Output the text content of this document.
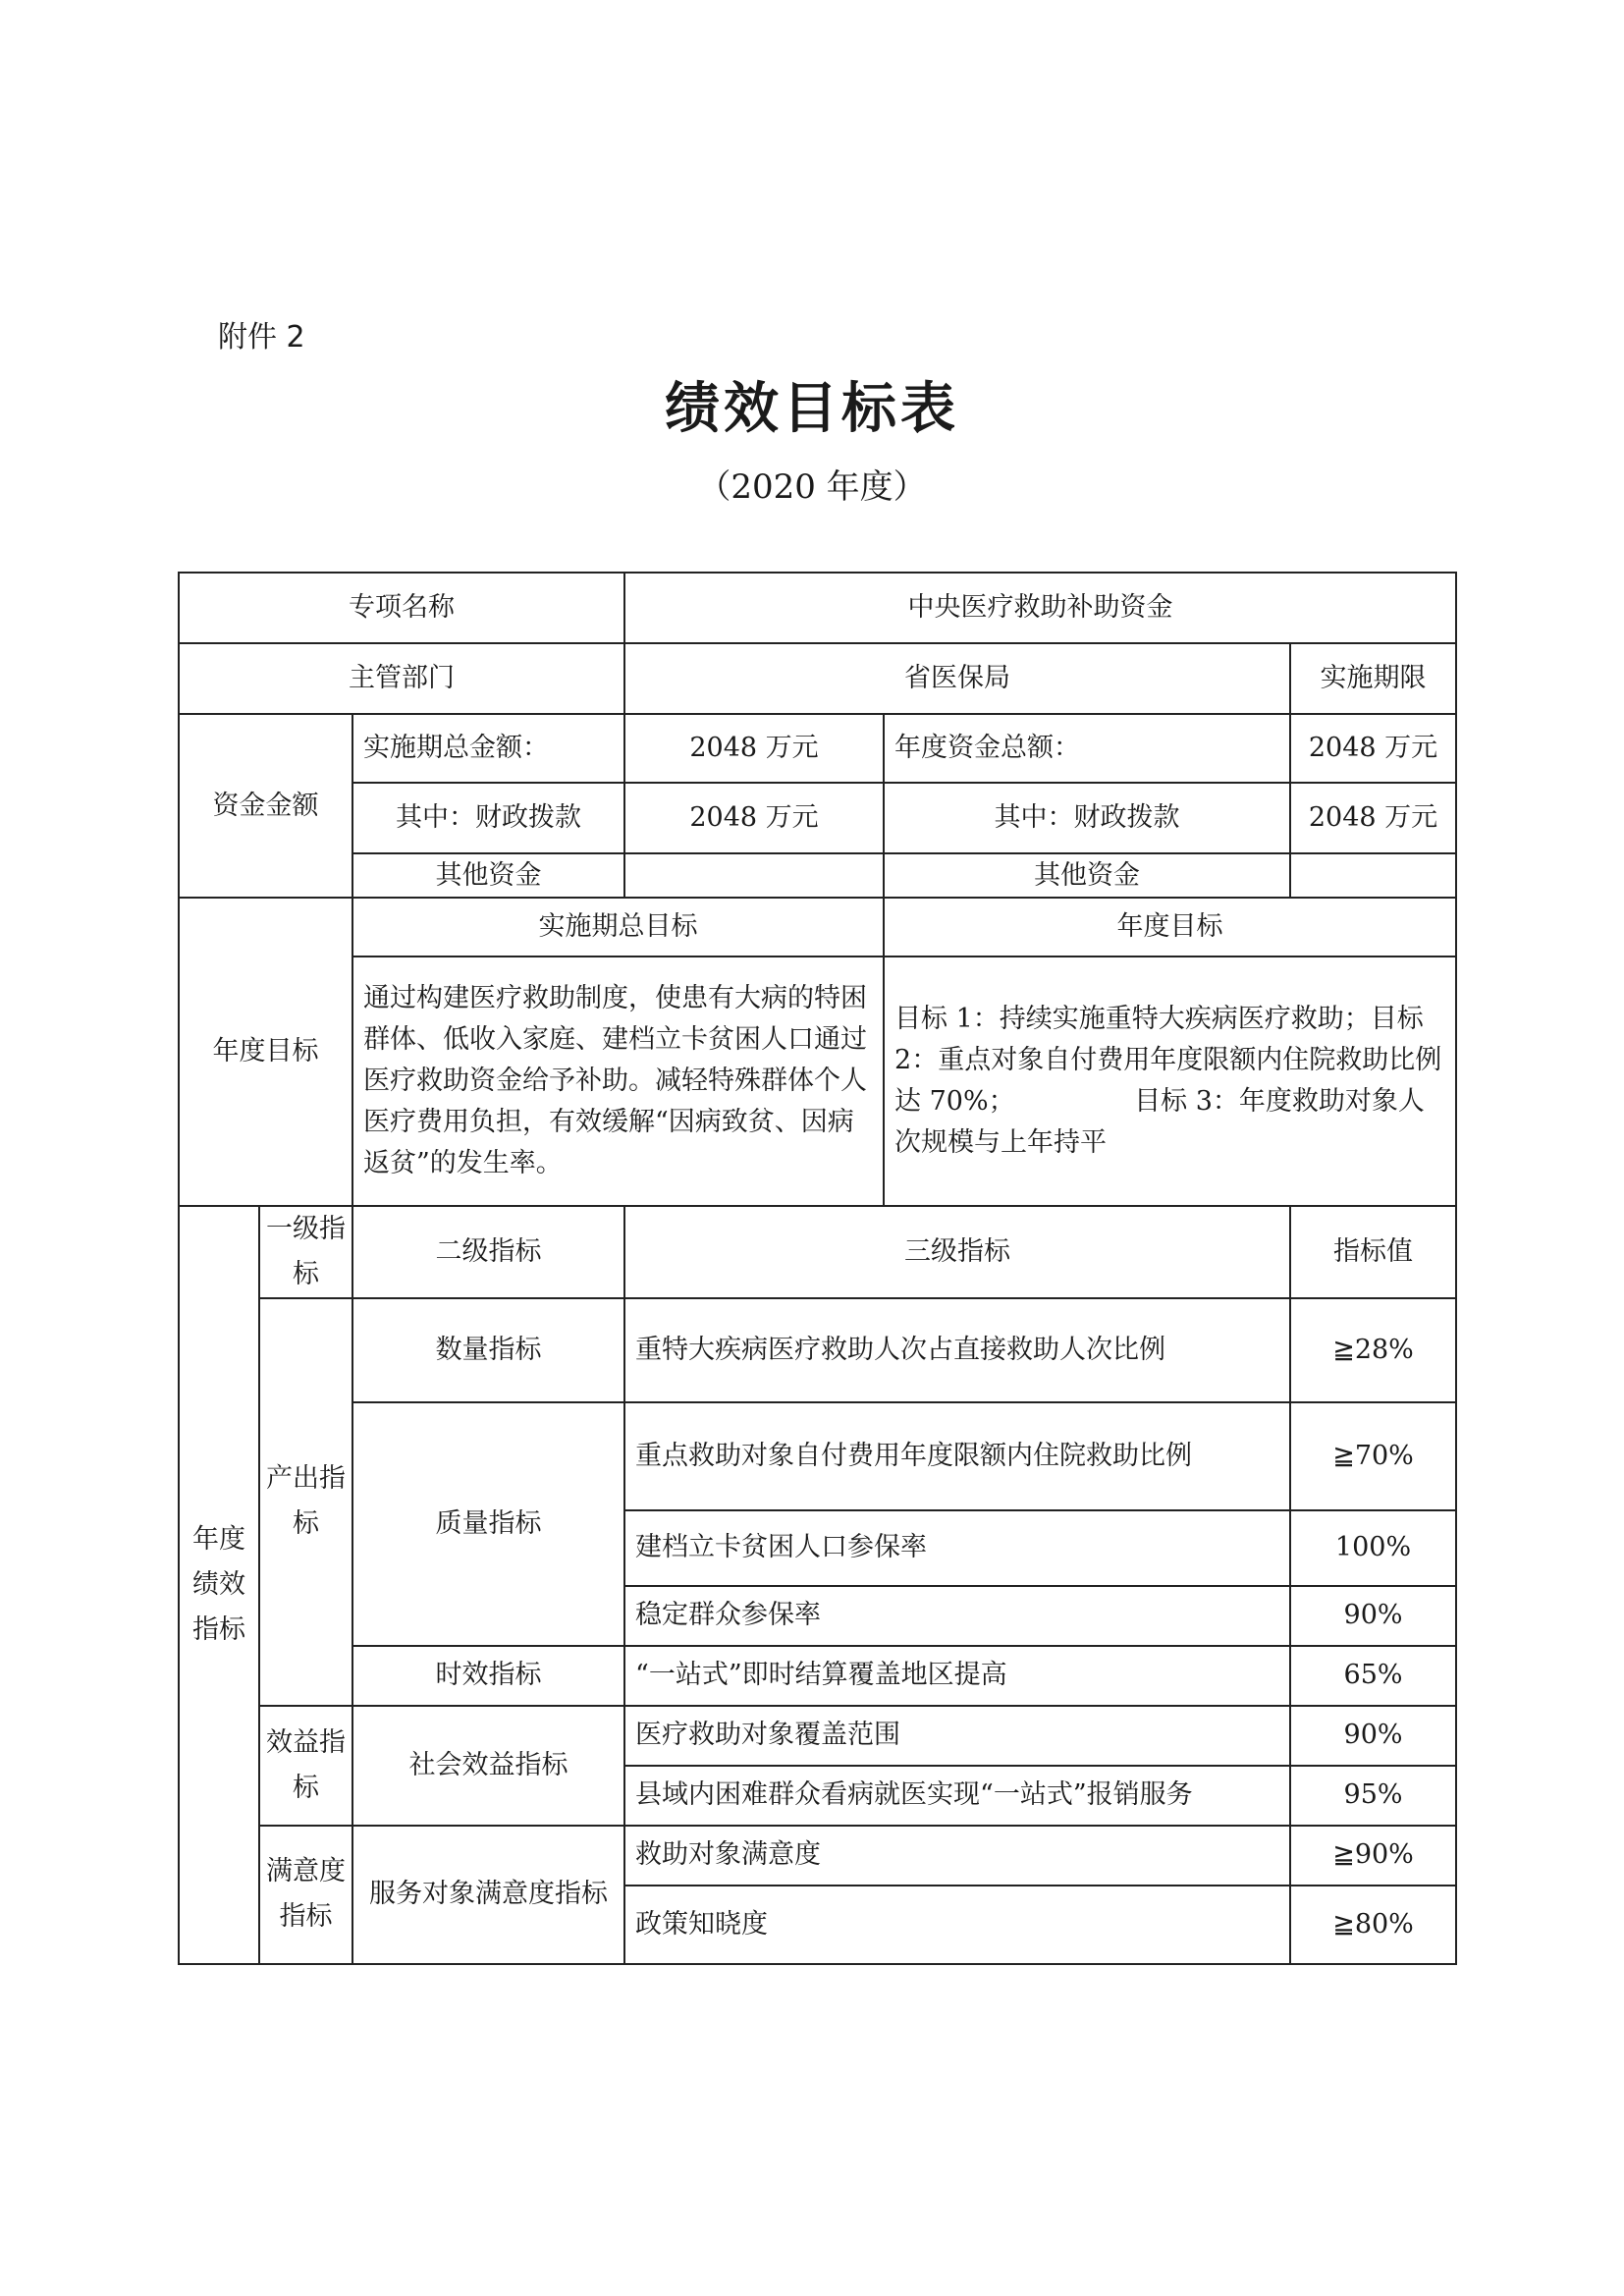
附件 2
绩效目标表
（2020 年度）
专项名称			中央医疗救助补助资金			
主管部门			省医保局		实施期限	
资金金额		实施期总金额：	2048 万元	年度资金总额：	2048 万元	
		其中：财政拨款	2048 万元	其中：财政拨款	2048 万元	
		其他资金		其他资金		
年度目标		实施期总目标		年度目标		
		通过构建医疗救助制度，使患有大病的特困群体、低收入家庭、建档立卡贫困人口通过医疗救助资金给予补助。减轻特殊群体个人医疗费用负担，有效缓解“因病致贫、因病返贫”的发生率。		目标 1：持续实施重特大疾病医疗救助；目标 2：重点对象自付费用年度限额内住院救助比例达 70%；　　　　　目标 3：年度救助对象人次规模与上年持平		
年度绩效指标	一级指标	二级指标	三级指标		指标值	
	产出指标	数量指标	重特大疾病医疗救助人次占直接救助人次比例		≧28%	
		质量指标	重点救助对象自付费用年度限额内住院救助比例		≧70%	
			建档立卡贫困人口参保率		100%	
			稳定群众参保率		90%	
		时效指标	“一站式”即时结算覆盖地区提高		65%	
	效益指标	社会效益指标	医疗救助对象覆盖范围		90%	
			县域内困难群众看病就医实现“一站式”报销服务		95%	
	满意度指标	服务对象满意度指标	救助对象满意度		≧90%	
			政策知晓度		≧80%	
